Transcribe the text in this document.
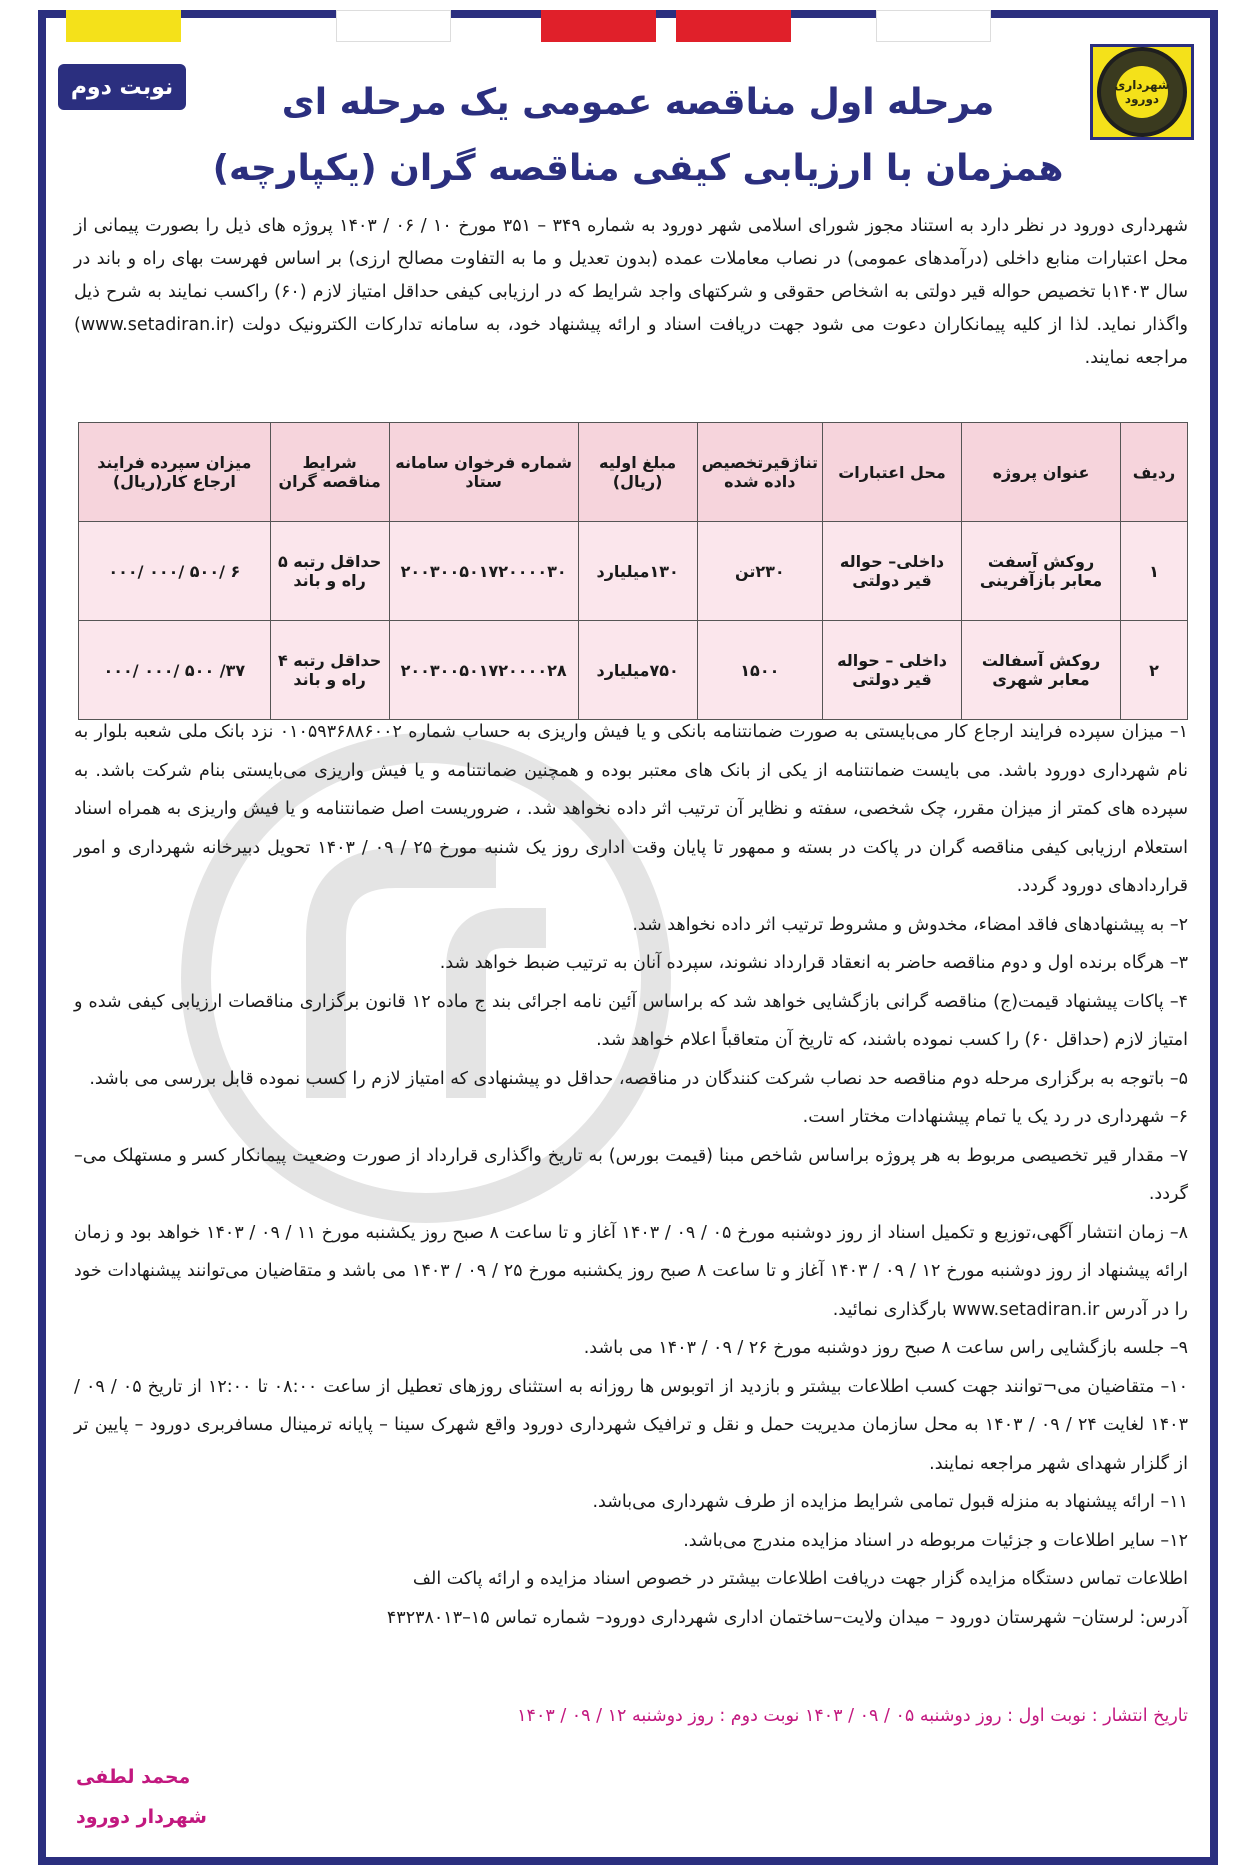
شهرداری دورود
نوبت دوم	مرحله اول مناقصه عمومی یک مرحله ای
همزمان با ارزیابی کیفی مناقصه گران (یکپارچه)
شهرداری دورود در نظر دارد به استناد مجوز شورای اسلامی شهر دورود به شماره ۳۴۹ – ۳۵۱ مورخ ۱۰ / ۰۶ / ۱۴۰۳ پروژه های ذیل را بصورت پیمانی از محل اعتبارات منابع داخلی (درآمدهای عمومی) در نصاب معاملات عمده (بدون تعدیل و ما به التفاوت مصالح ارزی) بر اساس فهرست بهای راه و باند در سال ۱۴۰۳با تخصیص حواله قیر دولتی به اشخاص حقوقی و شرکتهای واجد شرایط که در ارزیابی کیفی حداقل امتیاز لازم (۶۰) راکسب نمایند به شرح ذیل واگذار نماید. لذا از کلیه پیمانکاران دعوت می شود جهت دریافت اسناد و ارائه پیشنهاد خود، به سامانه تدارکات الکترونیک دولت (www.setadiran.ir) مراجعه نمایند.
ردیف	عنوان پروژه	محل اعتبارات	تناژقیرتخصیص داده شده	مبلغ اولیه (ریال)	شماره فرخوان سامانه ستاد	شرایط مناقصه گران	میزان سپرده فرایند ارجاع کار(ریال)
۱	روکش آسفت معابر بازآفرینی	داخلی– حواله قیر دولتی	۲۳۰تن	۱۳۰میلیارد	۲۰۰۳۰۰۵۰۱۷۲۰۰۰۰۳۰	حداقل رتبه ۵ راه و باند	۶ /۵۰۰ /۰۰۰ /۰۰۰
۲	روکش آسفالت معابر شهری	داخلی – حواله قیر دولتی	۱۵۰۰	۷۵۰میلیارد	۲۰۰۳۰۰۵۰۱۷۲۰۰۰۰۲۸	حداقل رتبه ۴ راه و باند	۳۷/ ۵۰۰ /۰۰۰ /۰۰۰

۱– میزان سپرده فرایند ارجاع کار می‌بایستی به صورت ضمانتنامه بانکی و یا فیش واریزی به حساب شماره ۰۱۰۵۹۳۶۸۸۶۰۰۲ نزد بانک ملی شعبه بلوار به نام شهرداری دورود باشد. می بایست ضمانتنامه از یکی از بانک های معتبر بوده و همچنین ضمانتنامه و یا فیش واریزی می‌بایستی بنام شرکت باشد. به سپرده های کمتر از میزان مقرر، چک شخصی، سفته و نظایر آن ترتیب اثر داده نخواهد شد. ، ضروریست اصل ضمانتنامه و یا فیش واریزی به همراه اسناد استعلام ارزیابی کیفی مناقصه گران در پاکت در بسته و ممهور تا پایان وقت اداری روز یک شنبه مورخ ۲۵ / ۰۹ / ۱۴۰۳ تحویل دبیرخانه شهرداری و امور قراردادهای دورود گردد.

۲– به پیشنهادهای فاقد امضاء، مخدوش و مشروط ترتیب اثر داده نخواهد شد.

۳– هرگاه برنده اول و دوم مناقصه حاضر به انعقاد قرارداد نشوند، سپرده آنان به ترتیب ضبط خواهد شد.

۴– پاکات پیشنهاد قیمت(ج) مناقصه گرانی بازگشایی خواهد شد که براساس آئین نامه اجرائی بند ج ماده ۱۲ قانون برگزاری مناقصات ارزیابی کیفی شده و امتیاز لازم (حداقل ۶۰) را کسب نموده باشند، که تاریخ آن متعاقباً اعلام خواهد شد.

۵– باتوجه به برگزاری مرحله دوم مناقصه حد نصاب شرکت کنندگان در مناقصه، حداقل دو پیشنهادی که امتیاز لازم را کسب نموده قابل بررسی می باشد.

۶– شهرداری در رد یک یا تمام پیشنهادات مختار است.

۷– مقدار قیر تخصیصی مربوط به هر پروژه براساس شاخص مبنا (قیمت بورس) به تاریخ واگذاری قرارداد از صورت وضعیت پیمانکار کسر و مستهلک می–گردد.

۸– زمان انتشار آگهی،توزیع و تکمیل اسناد از روز دوشنبه مورخ ۰۵ / ۰۹ / ۱۴۰۳ آغاز و تا ساعت ۸ صبح روز یکشنبه مورخ ۱۱ / ۰۹ / ۱۴۰۳ خواهد بود و زمان ارائه پیشنهاد از روز دوشنبه مورخ ۱۲ / ۰۹ / ۱۴۰۳ آغاز و تا ساعت ۸ صبح روز یکشنبه مورخ ۲۵ / ۰۹ / ۱۴۰۳ می باشد و متقاضیان می‌توانند پیشنهادات خود را در آدرس www.setadiran.ir بارگذاری نمائید.

۹– جلسه بازگشایی راس ساعت ۸ صبح روز دوشنبه مورخ ۲۶ / ۰۹ / ۱۴۰۳ می باشد.

۱۰– متقاضیان می¬توانند جهت کسب اطلاعات بیشتر و بازدید از اتوبوس ها روزانه به استثنای روزهای تعطیل از ساعت ۰۸:۰۰ تا ۱۲:۰۰ از تاریخ ۰۵ / ۰۹ / ۱۴۰۳ لغایت ۲۴ / ۰۹ / ۱۴۰۳ به محل سازمان مدیریت حمل و نقل و ترافیک شهرداری دورود واقع شهرک سینا – پایانه ترمینال مسافربری دورود – پایین تر از گلزار شهدای شهر مراجعه نمایند.

۱۱– ارائه پیشنهاد به منزله قبول تمامی شرایط مزایده از طرف شهرداری می‌باشد.

۱۲– سایر اطلاعات و جزئیات مربوطه در اسناد مزایده مندرج می‌باشد.

اطلاعات تماس دستگاه مزایده گزار جهت دریافت اطلاعات بیشتر در خصوص اسناد مزایده و ارائه پاکت الف

آدرس: لرستان– شهرستان دورود – میدان ولایت–ساختمان اداری شهرداری دورود– شماره تماس ۱۵–۴۳۲۳۸۰۱۳

تاریخ انتشار : نوبت اول : روز دوشنبه ۰۵ / ۰۹ / ۱۴۰۳ نوبت دوم : روز دوشنبه ۱۲ / ۰۹ / ۱۴۰۳
محمد لطفی
شهردار دورود
